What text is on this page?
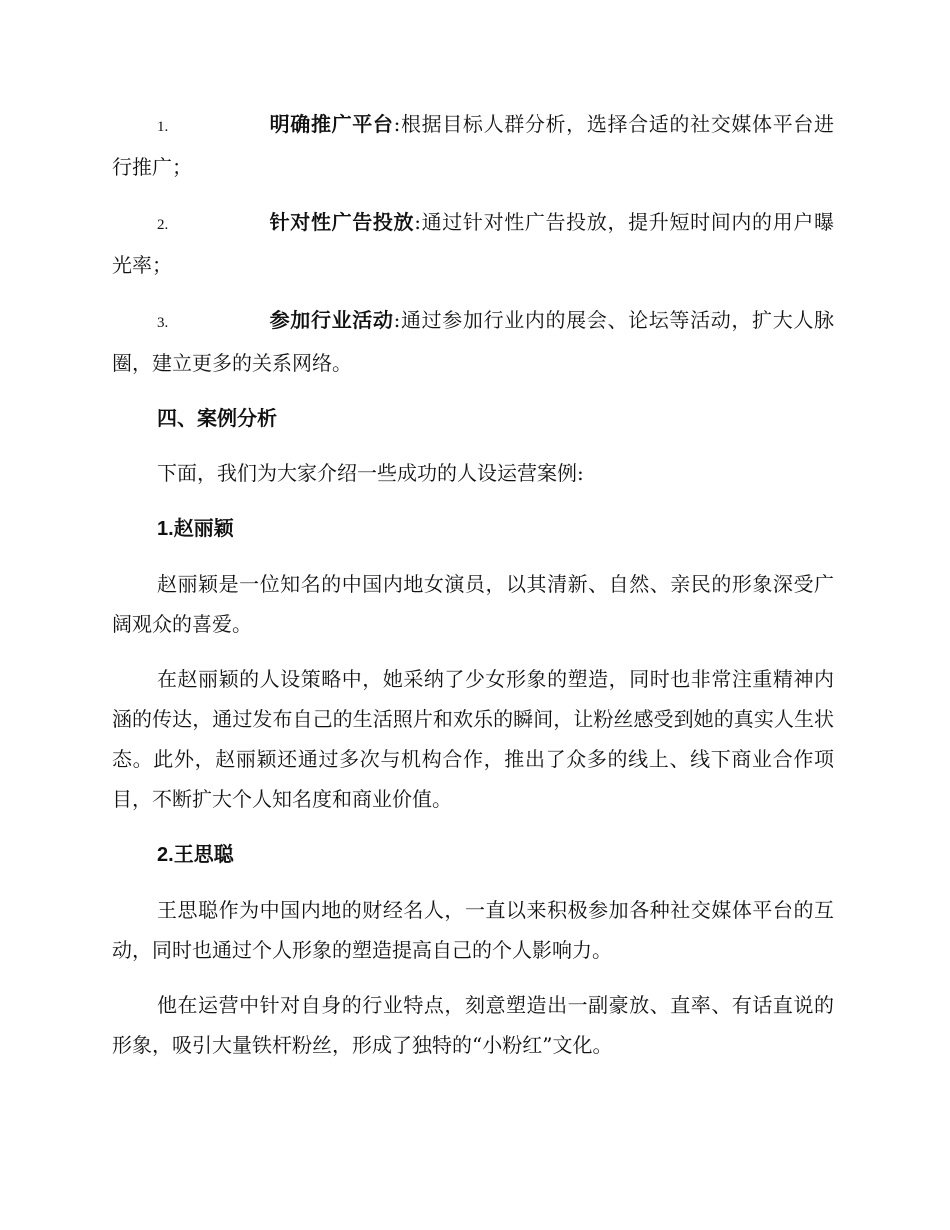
1.	明确推广平台:根据目标人群分析，选择合适的社交媒体平台进行推广；
2.	针对性广告投放:通过针对性广告投放，提升短时间内的用户曝光率；
3.	参加行业活动:通过参加行业内的展会、论坛等活动，扩大人脉圈，建立更多的关系网络。
四、案例分析
下面，我们为大家介绍一些成功的人设运营案例:
1.赵丽颖
赵丽颖是一位知名的中国内地女演员，以其清新、自然、亲民的形象深受广阔观众的喜爱。
在赵丽颖的人设策略中，她采纳了少女形象的塑造，同时也非常注重精神内涵的传达，通过发布自己的生活照片和欢乐的瞬间，让粉丝感受到她的真实人生状态。此外，赵丽颖还通过多次与机构合作，推出了众多的线上、线下商业合作项目，不断扩大个人知名度和商业价值。
2.王思聪
王思聪作为中国内地的财经名人，一直以来积极参加各种社交媒体平台的互动，同时也通过个人形象的塑造提高自己的个人影响力。
他在运营中针对自身的行业特点，刻意塑造出一副豪放、直率、有话直说的形象，吸引大量铁杆粉丝，形成了独特的“小粉红”文化。
